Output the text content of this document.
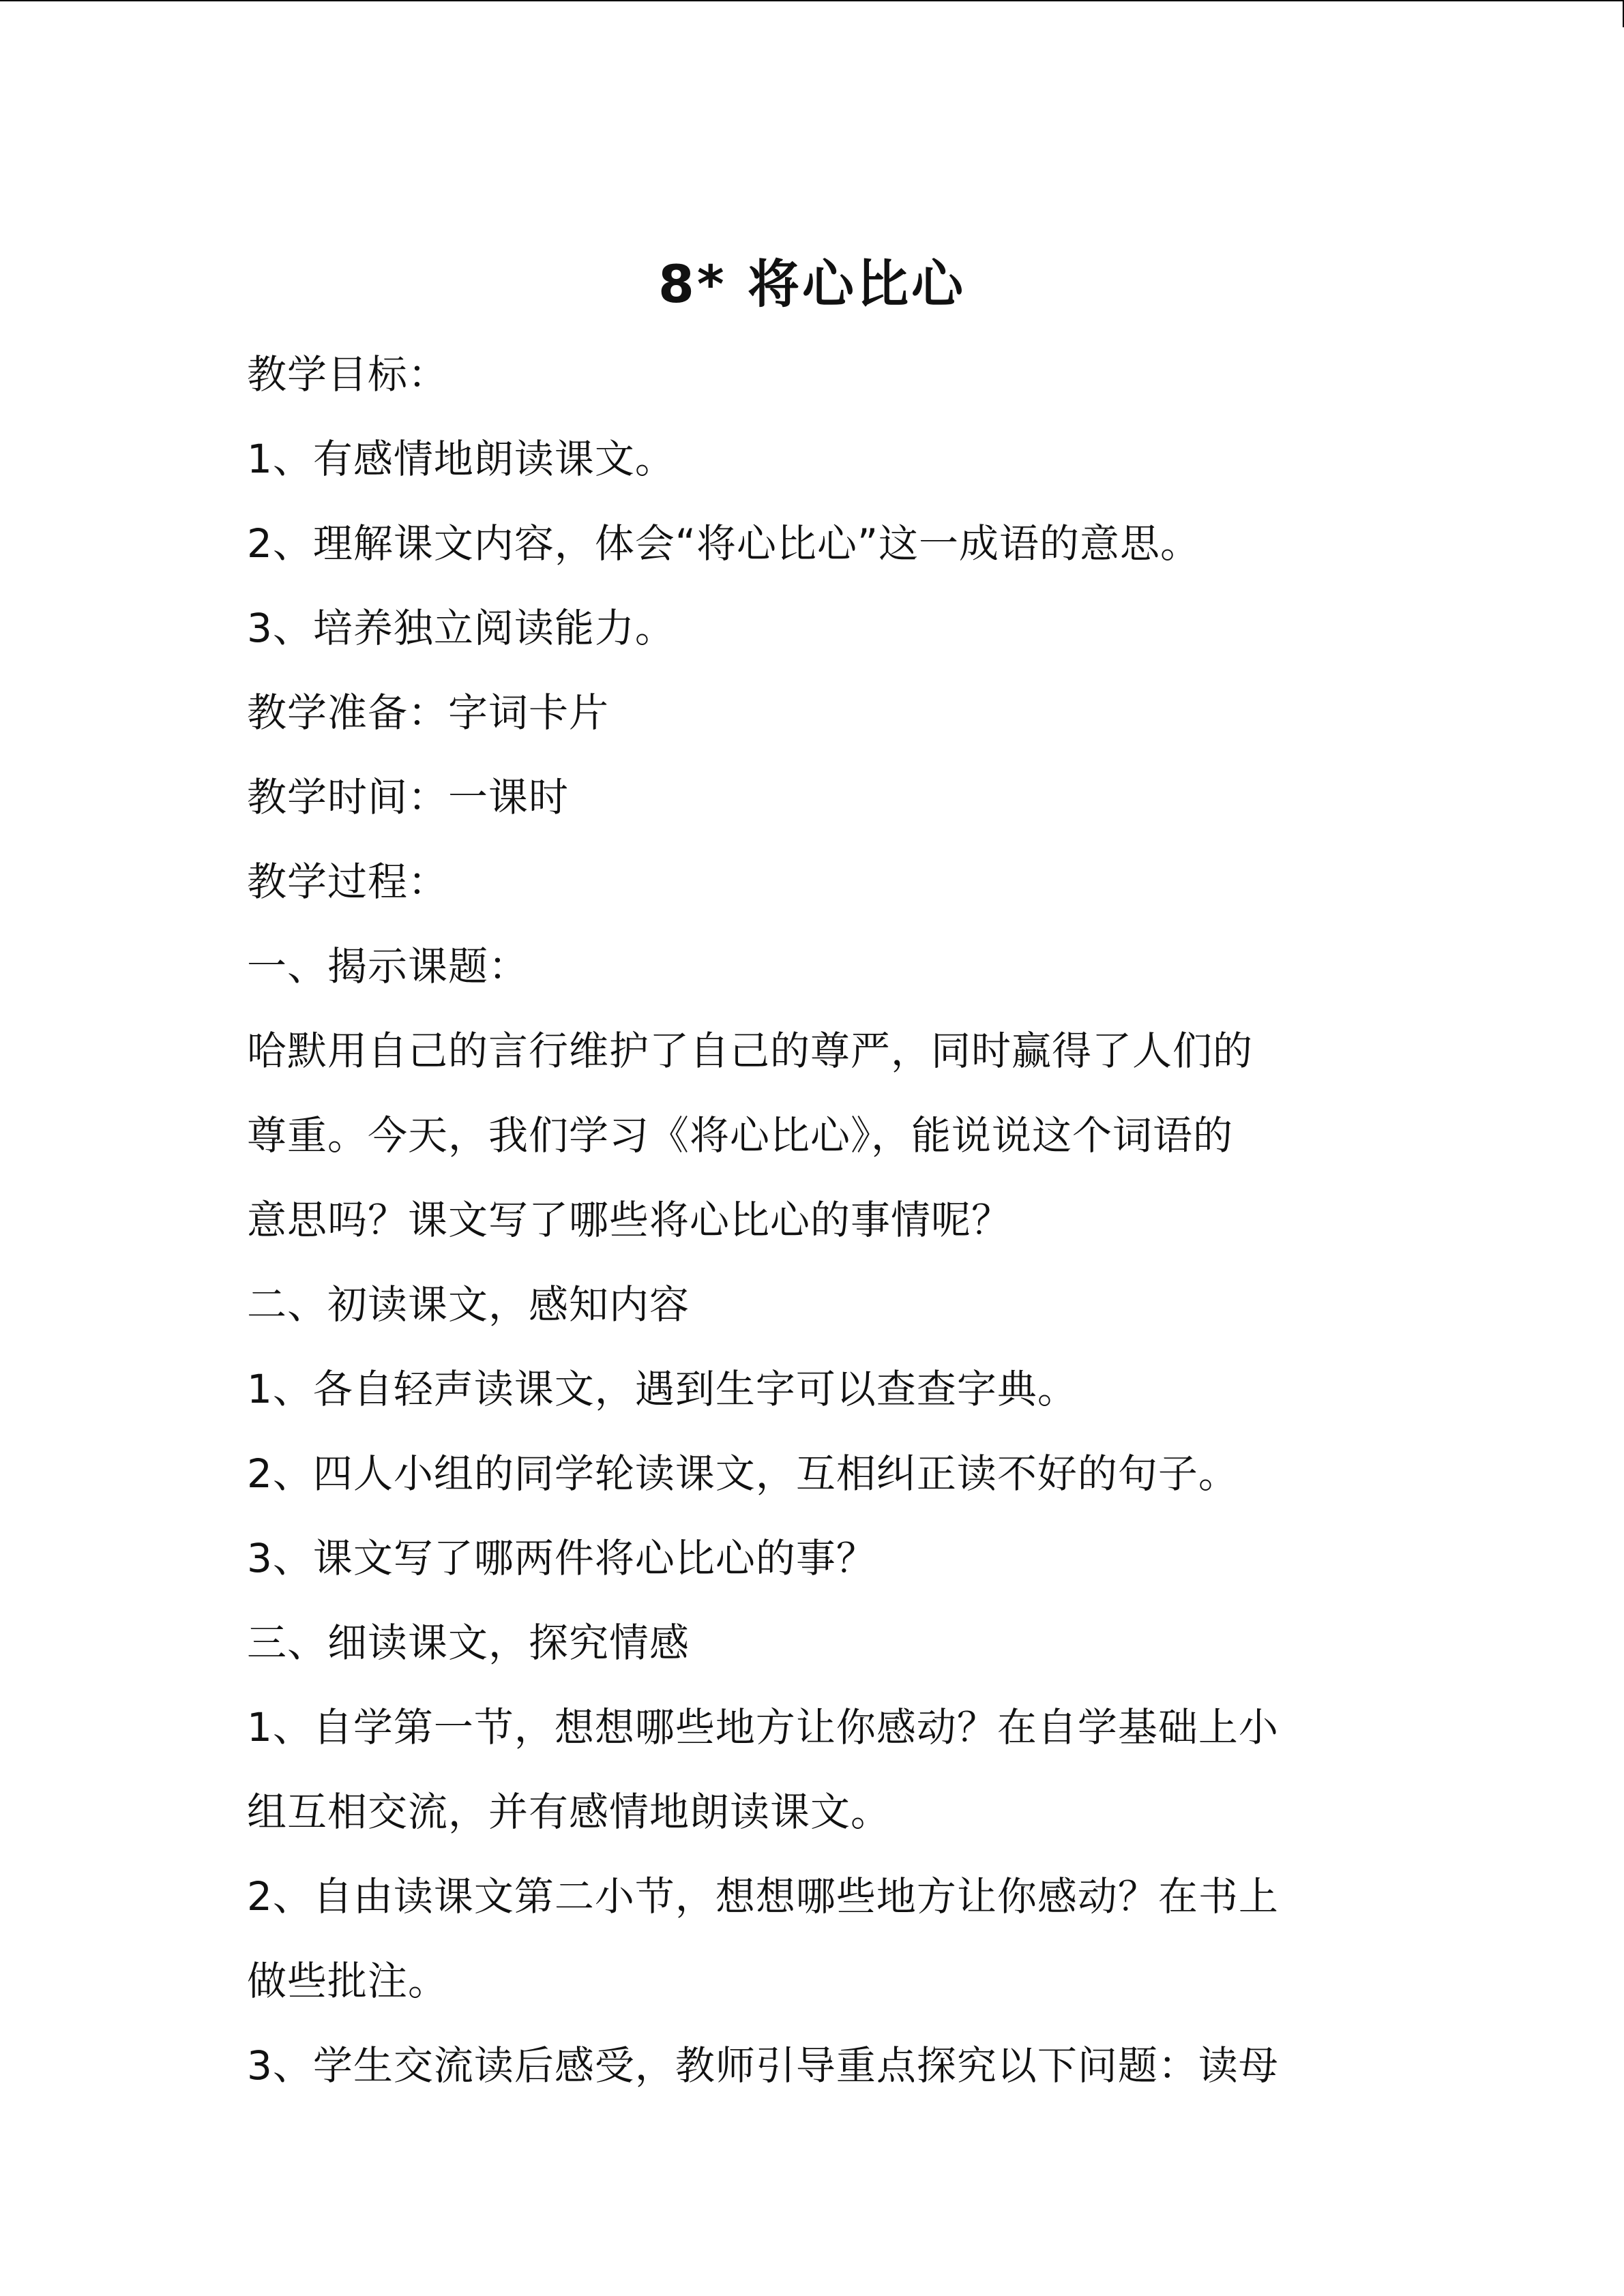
8* 将心比心
教学目标：
1、有感情地朗读课文。
2、理解课文内容，体会“将心比心”这一成语的意思。
3、培养独立阅读能力。
教学准备：字词卡片
教学时间：一课时
教学过程：
一、揭示课题：
哈默用自己的言行维护了自己的尊严，同时赢得了人们的
尊重。今天，我们学习《将心比心》，能说说这个词语的
意思吗？课文写了哪些将心比心的事情呢？
二、初读课文，感知内容
1、各自轻声读课文，遇到生字可以查查字典。
2、四人小组的同学轮读课文，互相纠正读不好的句子。
3、课文写了哪两件将心比心的事？
三、细读课文，探究情感
1、自学第一节，想想哪些地方让你感动？在自学基础上小
组互相交流，并有感情地朗读课文。
2、自由读课文第二小节，想想哪些地方让你感动？在书上
做些批注。
3、学生交流读后感受，教师引导重点探究以下问题：读母
